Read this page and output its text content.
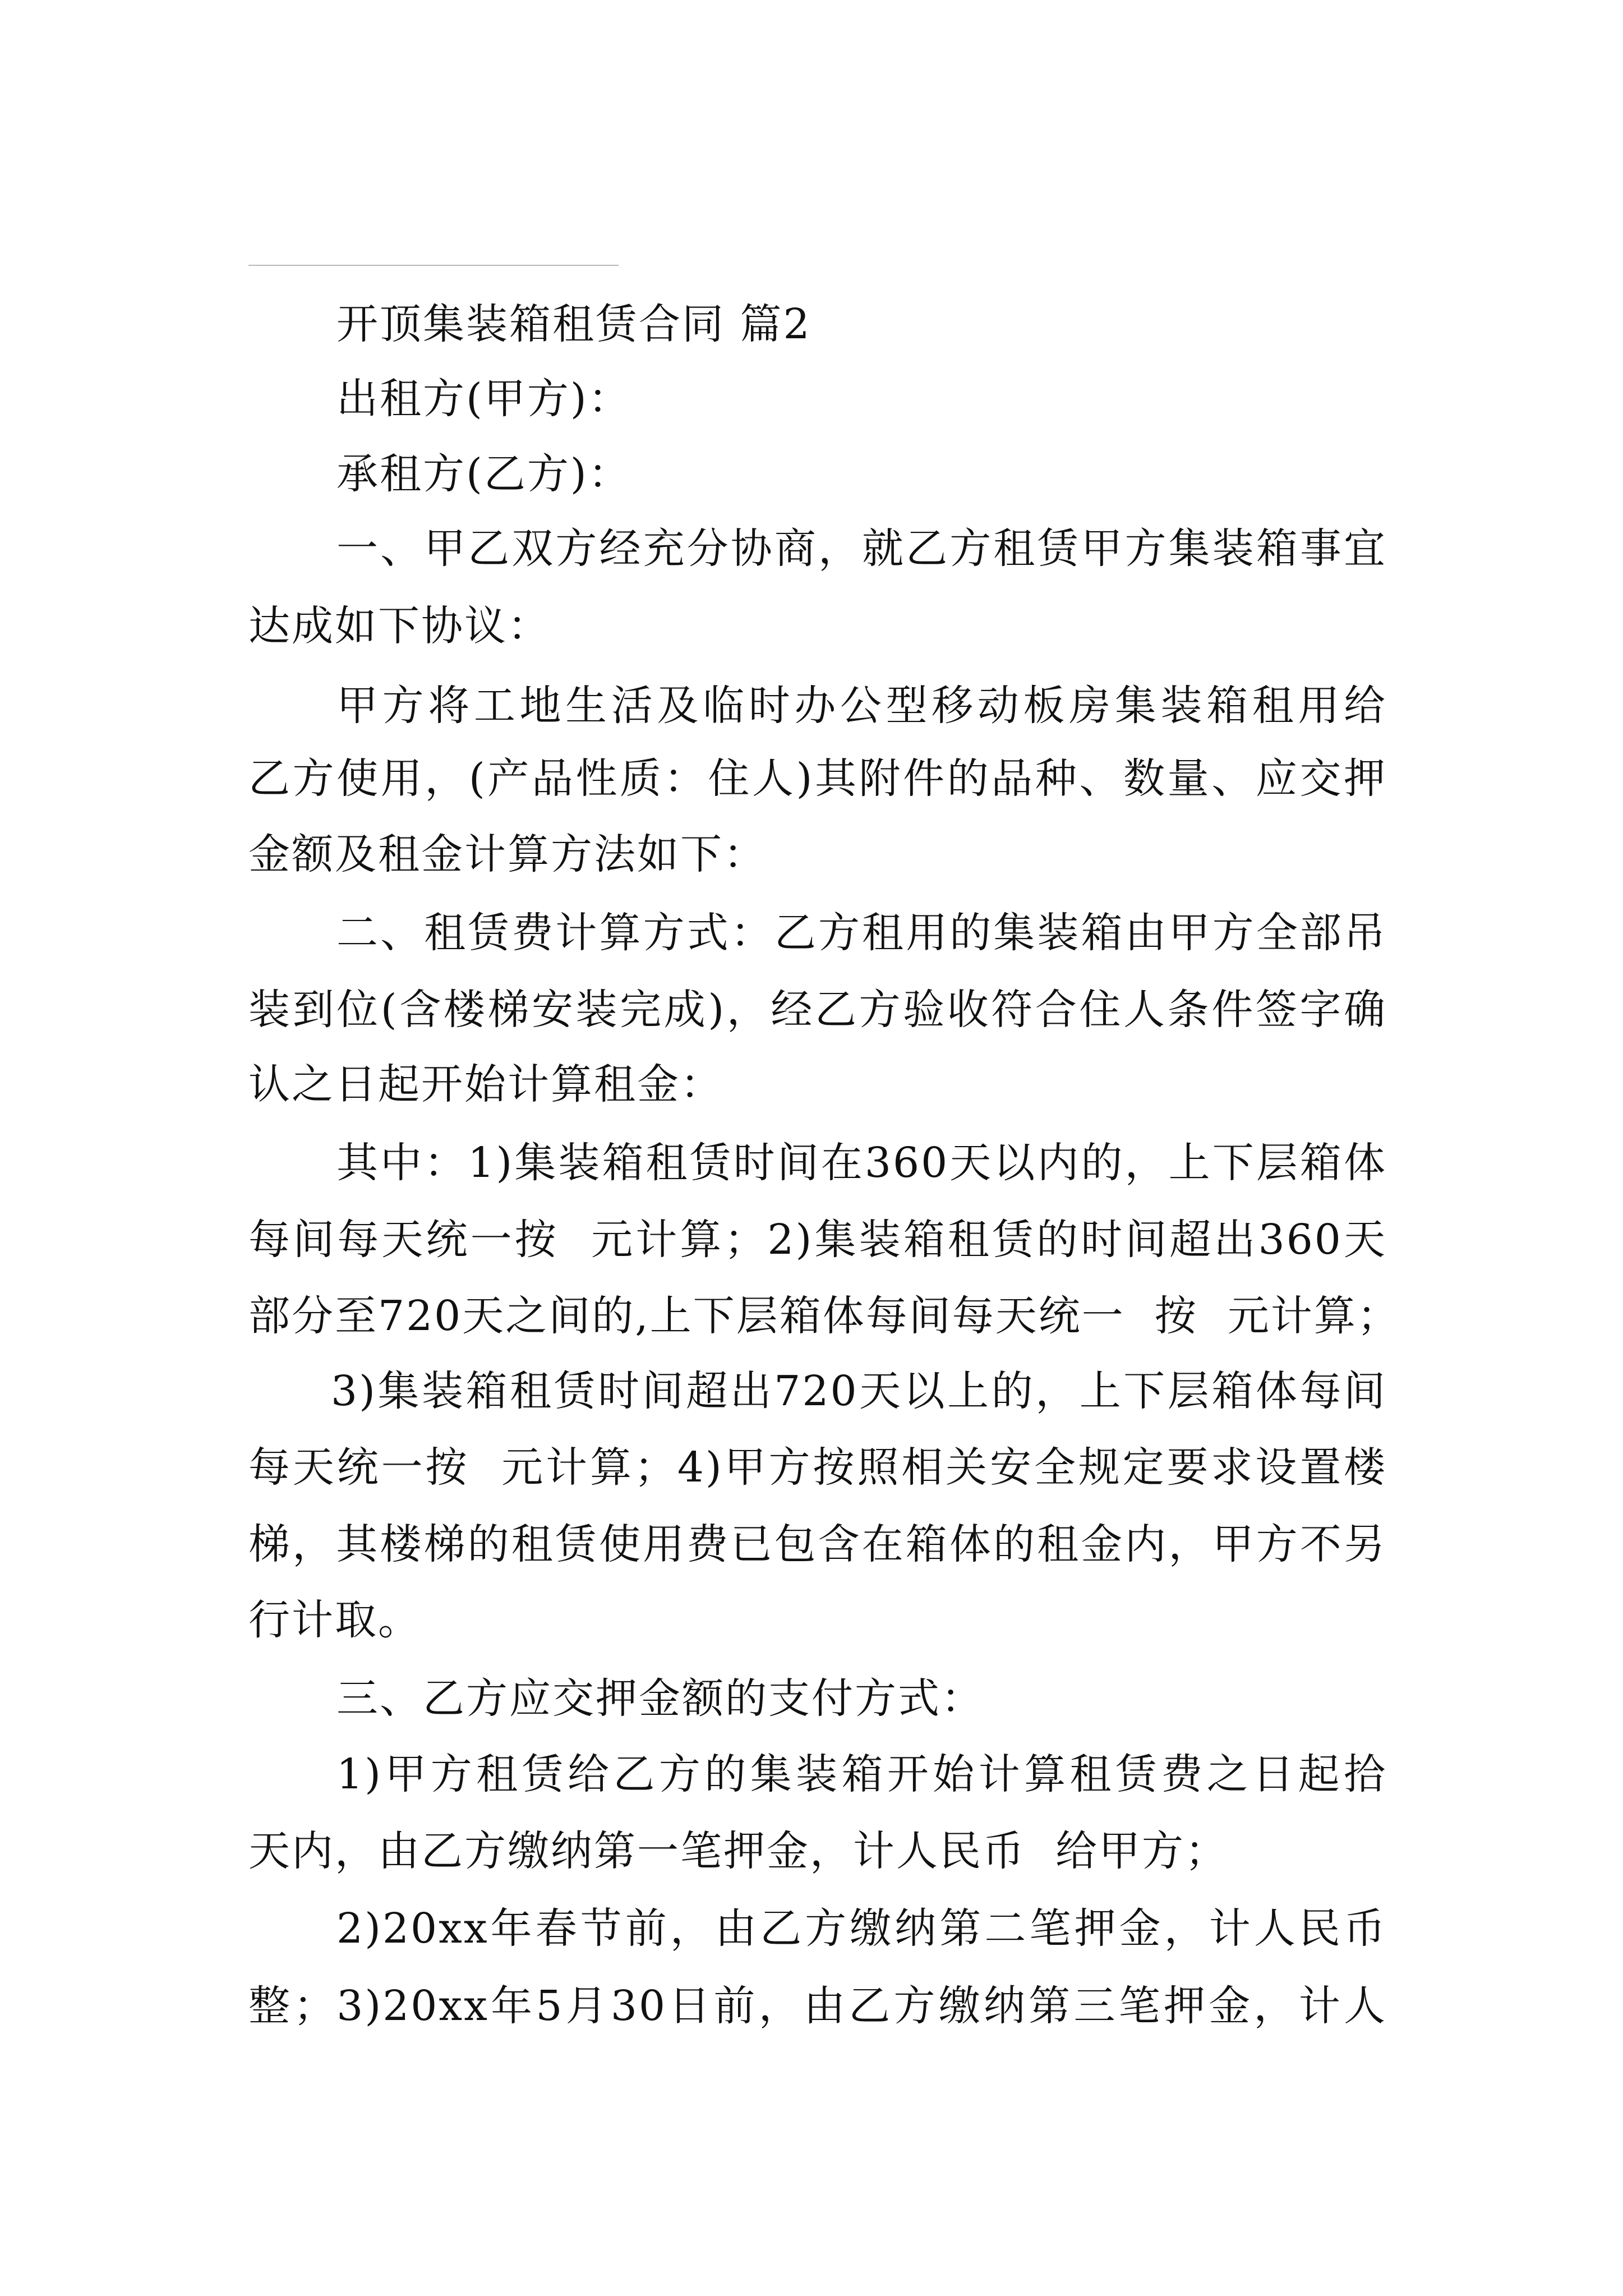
开顶集装箱租赁合同 篇2
出租方(甲方)：
承租方(乙方)：
一、甲乙双方经充分协商，就乙方租赁甲方集装箱事宜
达成如下协议：
甲方将工地生活及临时办公型移动板房集装箱租用给
乙方使用，(产品性质：住人)其附件的品种、数量、应交押
金额及租金计算方法如下：
二、租赁费计算方式：乙方租用的集装箱由甲方全部吊
装到位(含楼梯安装完成)，经乙方验收符合住人条件签字确
认之日起开始计算租金：
其中：1)集装箱租赁时间在360天以内的，上下层箱体
每间每天统一按  元计算；2)集装箱租赁的时间超出360天
部分至720天之间的,上下层箱体每间每天统一  按  元计算；
3)集装箱租赁时间超出720天以上的，上下层箱体每间
每天统一按  元计算；4)甲方按照相关安全规定要求设置楼
梯，其楼梯的租赁使用费已包含在箱体的租金内，甲方不另
行计取。
三、乙方应交押金额的支付方式：
1)甲方租赁给乙方的集装箱开始计算租赁费之日起拾
天内，由乙方缴纳第一笔押金，计人民币  给甲方；
2)20xx年春节前，由乙方缴纳第二笔押金，计人民币
整；3)20xx年5月30日前，由乙方缴纳第三笔押金，计人
